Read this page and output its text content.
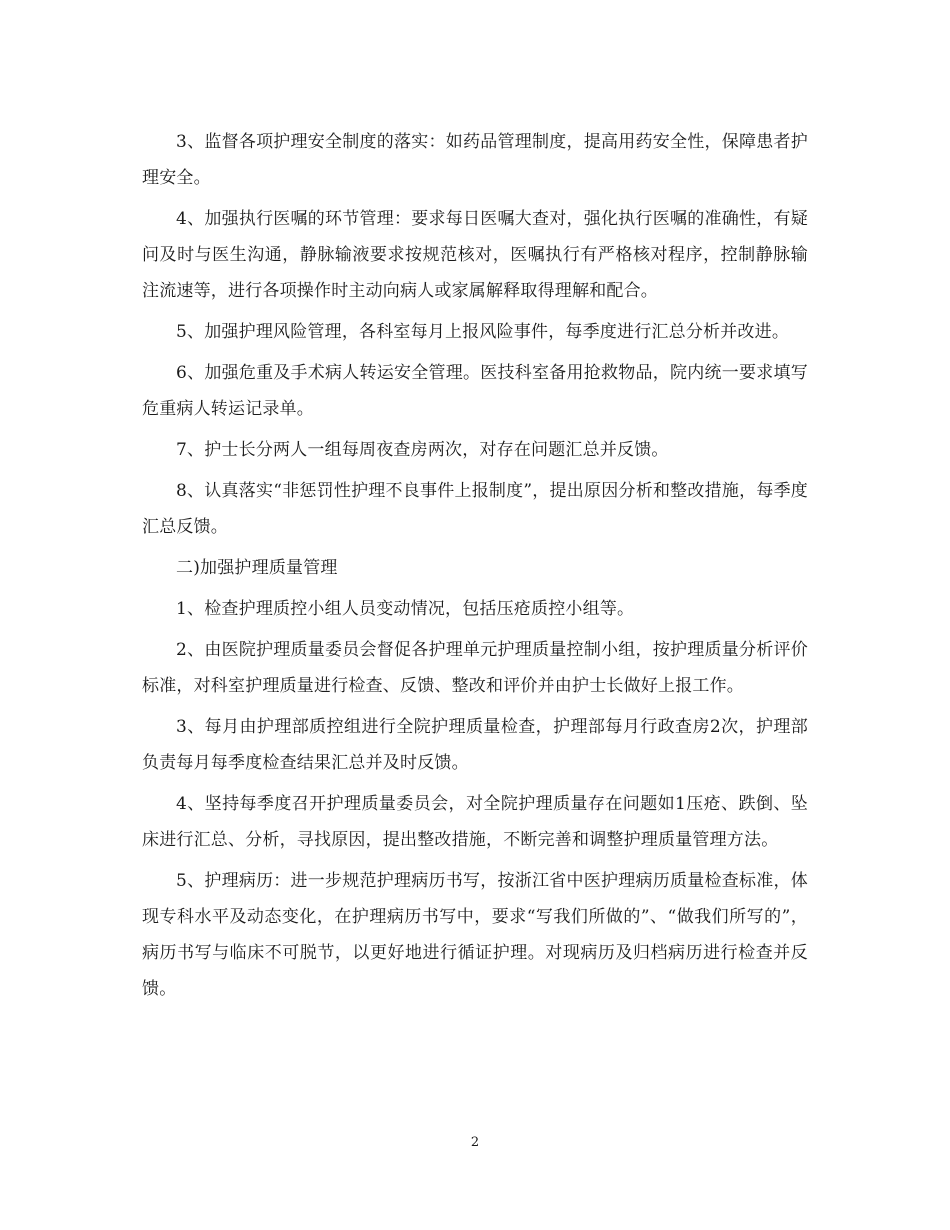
3、监督各项护理安全制度的落实：如药品管理制度，提高用药安全性，保障患者护理安全。

4、加强执行医嘱的环节管理：要求每日医嘱大查对，强化执行医嘱的准确性，有疑问及时与医生沟通，静脉输液要求按规范核对，医嘱执行有严格核对程序，控制静脉输注流速等，进行各项操作时主动向病人或家属解释取得理解和配合。

5、加强护理风险管理，各科室每月上报风险事件，每季度进行汇总分析并改进。

6、加强危重及手术病人转运安全管理。医技科室备用抢救物品，院内统一要求填写危重病人转运记录单。

7、护士长分两人一组每周夜查房两次，对存在问题汇总并反馈。

8、认真落实“非惩罚性护理不良事件上报制度”，提出原因分析和整改措施，每季度汇总反馈。

二)加强护理质量管理

1、检查护理质控小组人员变动情况，包括压疮质控小组等。

2、由医院护理质量委员会督促各护理单元护理质量控制小组，按护理质量分析评价标准，对科室护理质量进行检查、反馈、整改和评价并由护士长做好上报工作。

3、每月由护理部质控组进行全院护理质量检查，护理部每月行政查房2次，护理部负责每月每季度检查结果汇总并及时反馈。

4、坚持每季度召开护理质量委员会，对全院护理质量存在问题如1压疮、跌倒、坠床进行汇总、分析，寻找原因，提出整改措施，不断完善和调整护理质量管理方法。

5、护理病历：进一步规范护理病历书写，按浙江省中医护理病历质量检查标准，体现专科水平及动态变化，在护理病历书写中，要求“写我们所做的”、“做我们所写的”，病历书写与临床不可脱节，以更好地进行循证护理。对现病历及归档病历进行检查并反馈。

2
